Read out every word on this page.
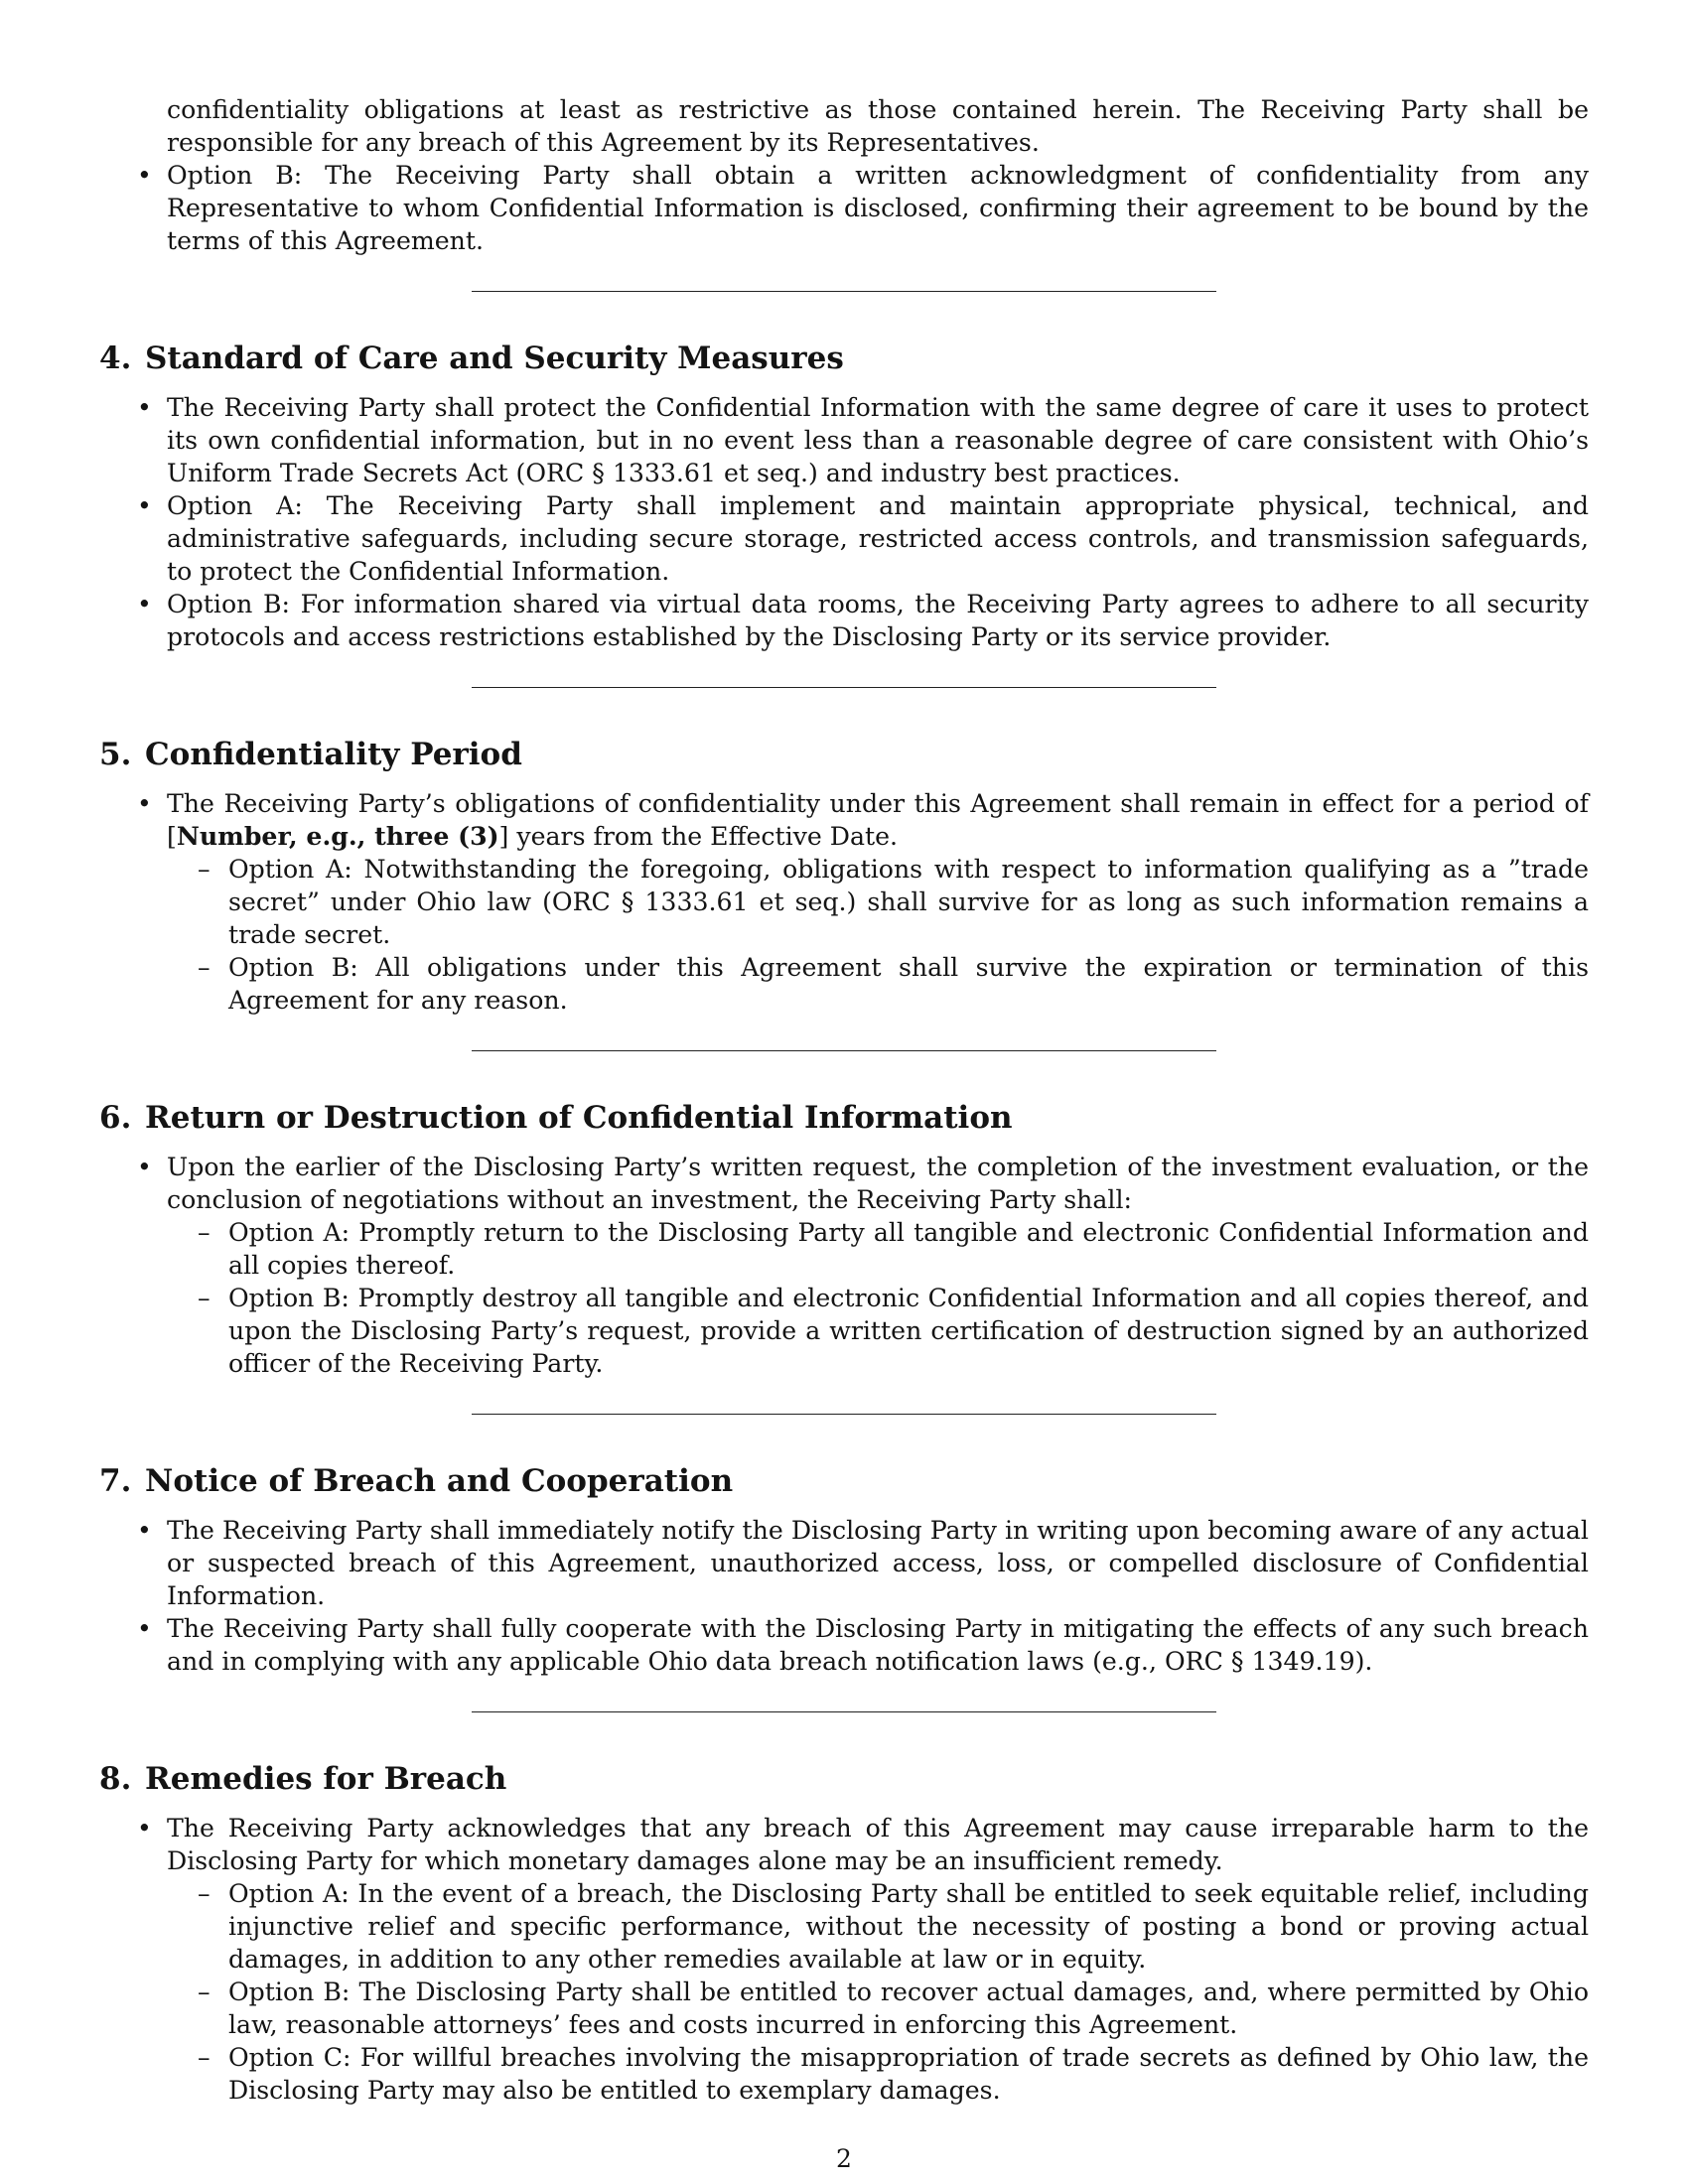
confidentiality obligations at least as restrictive as those contained herein. The Receiving Party shall be responsible for any breach of this Agreement by its Representatives.
• Option B: The Receiving Party shall obtain a written acknowledgment of confidentiality from any Representative to whom Confidential Information is disclosed, confirming their agreement to be bound by the terms of this Agreement.
4. Standard of Care and Security Measures
• The Receiving Party shall protect the Confidential Information with the same degree of care it uses to protect its own confidential information, but in no event less than a reasonable degree of care consistent with Ohio’s Uniform Trade Secrets Act (ORC § 1333.61 et seq.) and industry best practices.
• Option A: The Receiving Party shall implement and maintain appropriate physical, technical, and administrative safeguards, including secure storage, restricted access controls, and transmission safeguards, to protect the Confidential Information.
• Option B: For information shared via virtual data rooms, the Receiving Party agrees to adhere to all security protocols and access restrictions established by the Disclosing Party or its service provider.
5. Confidentiality Period
• The Receiving Party’s obligations of confidentiality under this Agreement shall remain in effect for a period of [Number, e.g., three (3)] years from the Effective Date.
– Option A: Notwithstanding the foregoing, obligations with respect to information qualifying as a ”trade secret” under Ohio law (ORC § 1333.61 et seq.) shall survive for as long as such information remains a trade secret.
– Option B: All obligations under this Agreement shall survive the expiration or termination of this Agreement for any reason.
6. Return or Destruction of Confidential Information
• Upon the earlier of the Disclosing Party’s written request, the completion of the investment evaluation, or the conclusion of negotiations without an investment, the Receiving Party shall:
– Option A: Promptly return to the Disclosing Party all tangible and electronic Confidential Information and all copies thereof.
– Option B: Promptly destroy all tangible and electronic Confidential Information and all copies thereof, and upon the Disclosing Party’s request, provide a written certification of destruction signed by an authorized officer of the Receiving Party.
7. Notice of Breach and Cooperation
• The Receiving Party shall immediately notify the Disclosing Party in writing upon becoming aware of any actual or suspected breach of this Agreement, unauthorized access, loss, or compelled disclosure of Confidential Information.
• The Receiving Party shall fully cooperate with the Disclosing Party in mitigating the effects of any such breach and in complying with any applicable Ohio data breach notification laws (e.g., ORC § 1349.19).
8. Remedies for Breach
• The Receiving Party acknowledges that any breach of this Agreement may cause irreparable harm to the Disclosing Party for which monetary damages alone may be an insufficient remedy.
– Option A: In the event of a breach, the Disclosing Party shall be entitled to seek equitable relief, including injunctive relief and specific performance, without the necessity of posting a bond or proving actual damages, in addition to any other remedies available at law or in equity.
– Option B: The Disclosing Party shall be entitled to recover actual damages, and, where permitted by Ohio law, reasonable attorneys’ fees and costs incurred in enforcing this Agreement.
– Option C: For willful breaches involving the misappropriation of trade secrets as defined by Ohio law, the Disclosing Party may also be entitled to exemplary damages.
2
